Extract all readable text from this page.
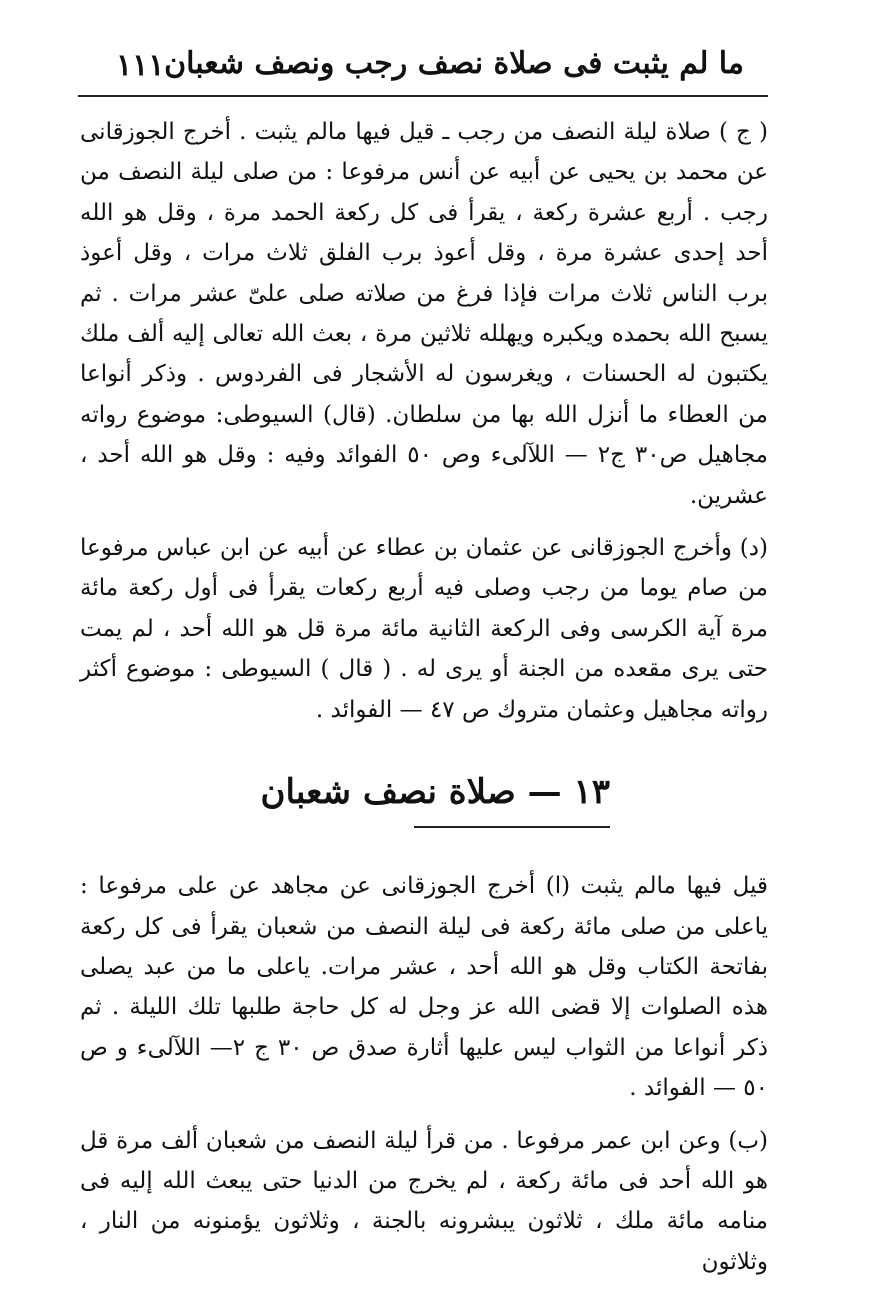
ما لم يثبت فى صلاة نصف رجب ونصف شعبان
١١١

( ج ) صلاة ليلة النصف من رجب ـ قيل فيها مالم يثبت . أخرج الجوزقانى عن محمد بن يحيى عن أبيه عن أنس مرفوعا : من صلى ليلة النصف من رجب . أربع عشرة ركعة ، يقرأ فى كل ركعة الحمد مرة ، وقل هو الله أحد إحدى عشرة مرة ، وقل أعوذ برب الفلق ثلاث مرات ، وقل أعوذ برب الناس ثلاث مرات فإذا فرغ من صلاته صلى علىّ عشر مرات . ثم يسبح الله بحمده ويكبره ويهلله ثلاثين مرة ، بعث الله تعالى إليه ألف ملك يكتبون له الحسنات ، ويغرسون له الأشجار فى الفردوس . وذكر أنواعا من العطاء ما أنزل الله بها من سلطان. (قال) السيوطى: موضوع رواته مجاهيل ص٣٠ ج٢ — اللآلىء وص ٥٠ الفوائد وفيه : وقل هو الله أحد ، عشرين.

(د) وأخرج الجوزقانى عن عثمان بن عطاء عن أبيه عن ابن عباس مرفوعا من صام يوما من رجب وصلى فيه أربع ركعات يقرأ فى أول ركعة مائة مرة آية الكرسى وفى الركعة الثانية مائة مرة قل هو الله أحد ، لم يمت حتى يرى مقعده من الجنة أو يرى له . ( قال ) السيوطى : موضوع أكثر رواته مجاهيل وعثمان متروك ص ٤٧ — الفوائد .

١٣ — صلاة نصف شعبان

قيل فيها مالم يثبت (ا) أخرج الجوزقانى عن مجاهد عن على مرفوعا : ياعلى من صلى مائة ركعة فى ليلة النصف من شعبان يقرأ فى كل ركعة بفاتحة الكتاب وقل هو الله أحد ، عشر مرات. ياعلى ما من عبد يصلى هذه الصلوات إلا قضى الله عز وجل له كل حاجة طلبها تلك الليلة . ثم ذكر أنواعا من الثواب ليس عليها أثارة صدق ص ٣٠ ج ٢— اللآلىء و ص ٥٠ — الفوائد .

(ب) وعن ابن عمر مرفوعا . من قرأ ليلة النصف من شعبان ألف مرة قل هو الله أحد فى مائة ركعة ، لم يخرج من الدنيا حتى يبعث الله إليه فى منامه مائة ملك ، ثلاثون يبشرونه بالجنة ، وثلاثون يؤمنونه من النار ، وثلاثون
